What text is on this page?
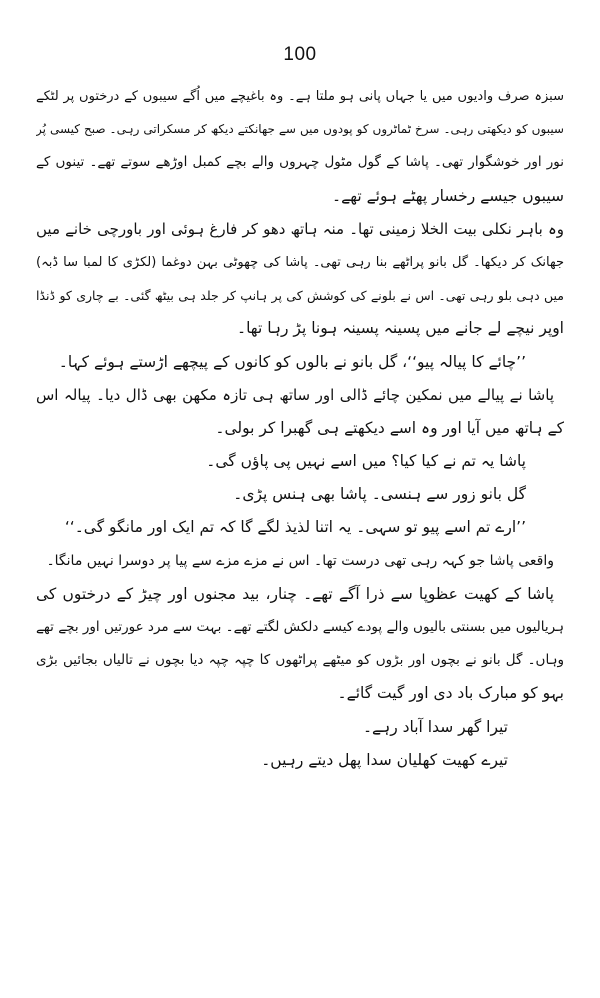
100
سبزہ صرف وادیوں میں یا جہاں پانی ہو ملتا ہے۔ وہ باغیچے میں اُگے سیبوں کے درختوں پر لٹکے
سیبوں کو دیکھتی رہی۔ سرخ ٹماٹروں کو پودوں میں سے جھانکتے دیکھ کر مسکراتی رہی۔ صبح کیسی پُر
نور اور خوشگوار تھی۔ پاشا کے گول مٹول چہروں والے بچے کمبل اوڑھے سوتے تھے۔ تینوں کے
سیبوں جیسے رخسار پھٹے ہوئے تھے۔
وہ باہر نکلی بیت الخلا زمینی تھا۔ منہ ہاتھ دھو کر فارغ ہوئی اور باورچی خانے میں
جھانک کر دیکھا۔ گل بانو پراٹھے بنا رہی تھی۔ پاشا کی چھوٹی بہن دوغما (لکڑی کا لمبا سا ڈبہ)
میں دہی بلو رہی تھی۔ اس نے بلونے کی کوشش کی پر ہانپ کر جلد ہی بیٹھ گئی۔ بے چاری کو ڈنڈا
اوپر نیچے لے جانے میں پسینہ پسینہ ہونا پڑ رہا تھا۔
’’چائے کا پیالہ پیو‘‘، گل بانو نے بالوں کو کانوں کے پیچھے اڑستے ہوئے کہا۔
پاشا نے پیالے میں نمکین چائے ڈالی اور ساتھ ہی تازہ مکھن بھی ڈال دیا۔ پیالہ اس
کے ہاتھ میں آیا اور وہ اسے دیکھتے ہی گھبرا کر بولی۔
پاشا یہ تم نے کیا کیا؟ میں اسے نہیں پی پاؤں گی۔
گل بانو زور سے ہنسی۔ پاشا بھی ہنس پڑی۔
’’ارے تم اسے پیو تو سہی۔ یہ اتنا لذیذ لگے گا کہ تم ایک اور مانگو گی۔‘‘
واقعی پاشا جو کہہ رہی تھی درست تھا۔ اس نے مزے مزے سے پیا پر دوسرا نہیں مانگا۔
پاشا کے کھیت عظوپا سے ذرا آگے تھے۔ چنار، بید مجنوں اور چیڑ کے درختوں کی
ہریالیوں میں بسنتی بالیوں والے پودے کیسے دلکش لگتے تھے۔ بہت سے مرد عورتیں اور بچے تھے
وہاں۔ گل بانو نے بچوں اور بڑوں کو میٹھے پراٹھوں کا چپہ چپہ دیا بچوں نے تالیاں بجائیں بڑی
بہو کو مبارک باد دی اور گیت گائے۔
تیرا گھر سدا آباد رہے۔
تیرے کھیت کھلیان سدا پھل دیتے رہیں۔
